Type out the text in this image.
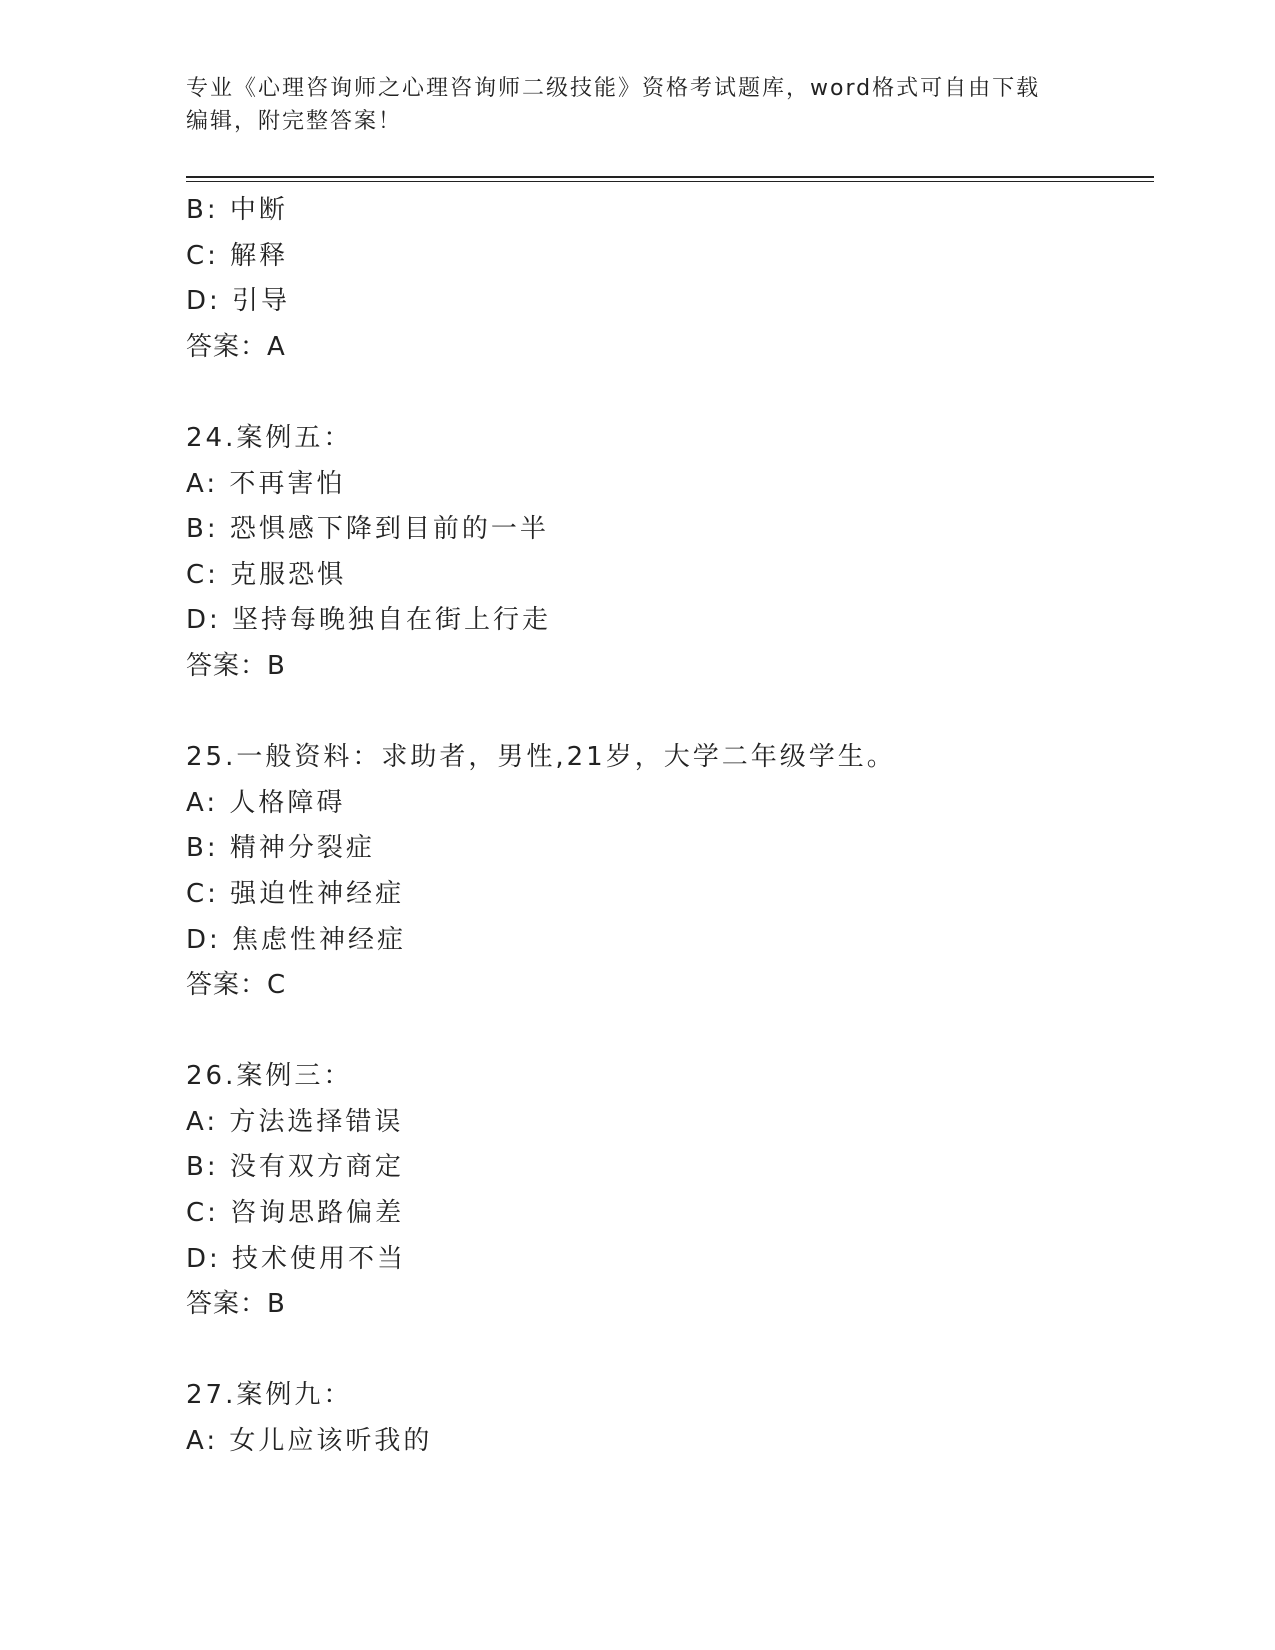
专业《心理咨询师之心理咨询师二级技能》资格考试题库，word格式可自由下载
编辑，附完整答案！
B: 中断
C: 解释
D: 引导
答案：A
24.案例五：
A: 不再害怕
B: 恐惧感下降到目前的一半
C: 克服恐惧
D: 坚持每晚独自在街上行走
答案：B
25.一般资料：求助者，男性,21岁，大学二年级学生。
A: 人格障碍
B: 精神分裂症
C: 强迫性神经症
D: 焦虑性神经症
答案：C
26.案例三：
A: 方法选择错误
B: 没有双方商定
C: 咨询思路偏差
D: 技术使用不当
答案：B
27.案例九：
A: 女儿应该听我的
